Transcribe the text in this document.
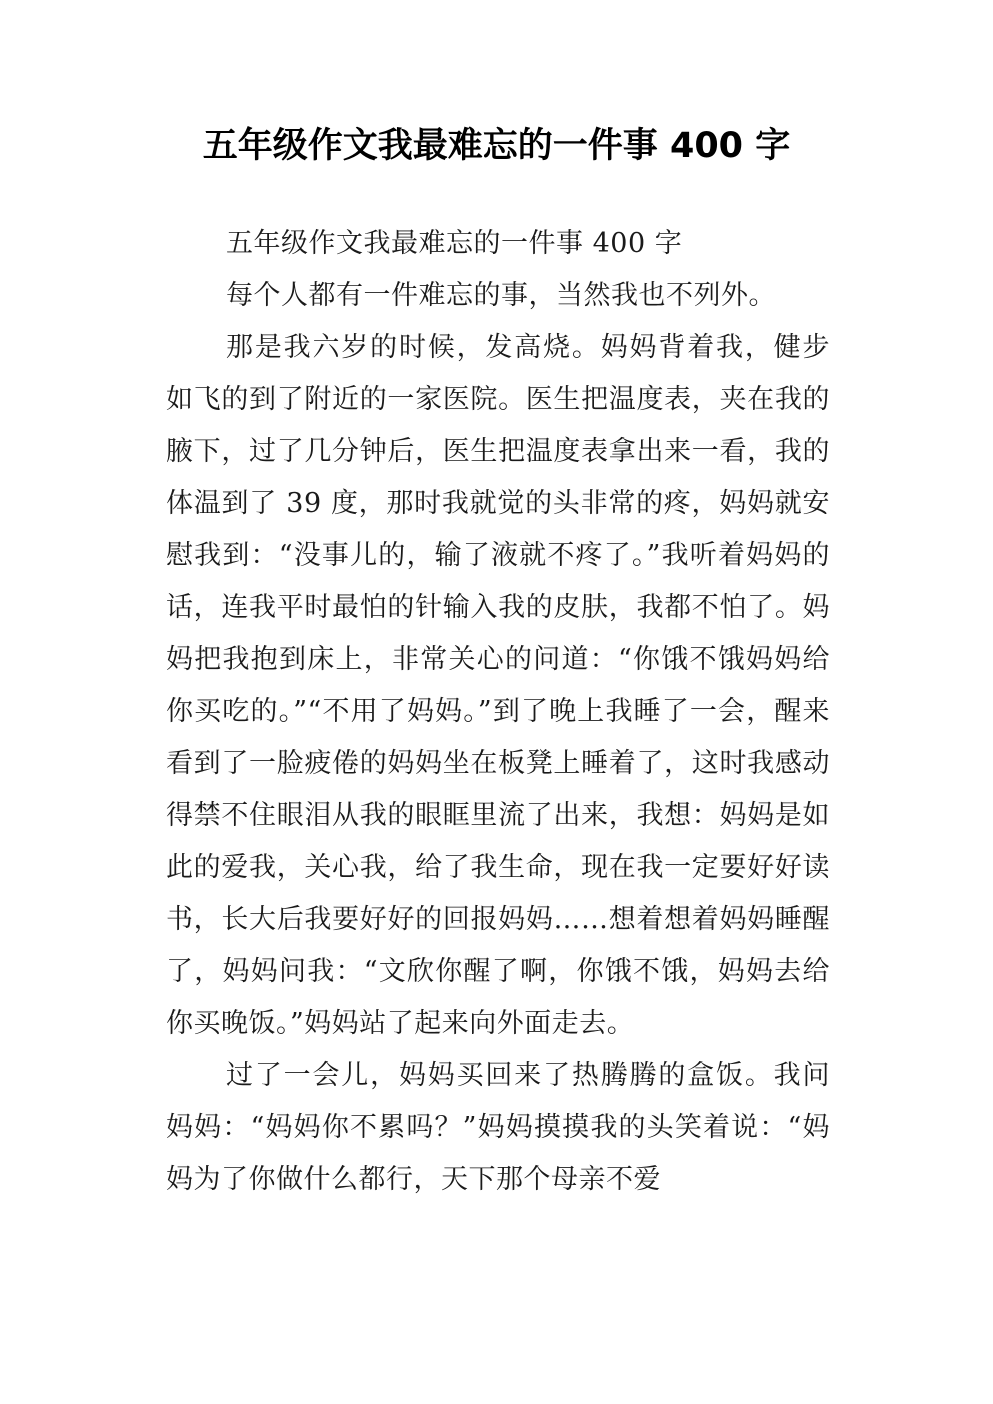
五年级作文我最难忘的一件事 400 字

五年级作文我最难忘的一件事 400 字

每个人都有一件难忘的事，当然我也不列外。

那是我六岁的时候，发高烧。妈妈背着我，健步如飞的到了附近的一家医院。医生把温度表，夹在我的腋下，过了几分钟后，医生把温度表拿出来一看，我的体温到了 39 度，那时我就觉的头非常的疼，妈妈就安慰我到：“没事儿的，输了液就不疼了。”我听着妈妈的话，连我平时最怕的针输入我的皮肤，我都不怕了。妈妈把我抱到床上，非常关心的问道：“你饿不饿妈妈给你买吃的。”“不用了妈妈。”到了晚上我睡了一会，醒来看到了一脸疲倦的妈妈坐在板凳上睡着了，这时我感动得禁不住眼泪从我的眼眶里流了出来，我想：妈妈是如此的爱我，关心我，给了我生命，现在我一定要好好读书，长大后我要好好的回报妈妈……想着想着妈妈睡醒了，妈妈问我：“文欣你醒了啊，你饿不饿，妈妈去给你买晚饭。”妈妈站了起来向外面走去。

过了一会儿，妈妈买回来了热腾腾的盒饭。我问妈妈：“妈妈你不累吗？”妈妈摸摸我的头笑着说：“妈妈为了你做什么都行，天下那个母亲不爱
